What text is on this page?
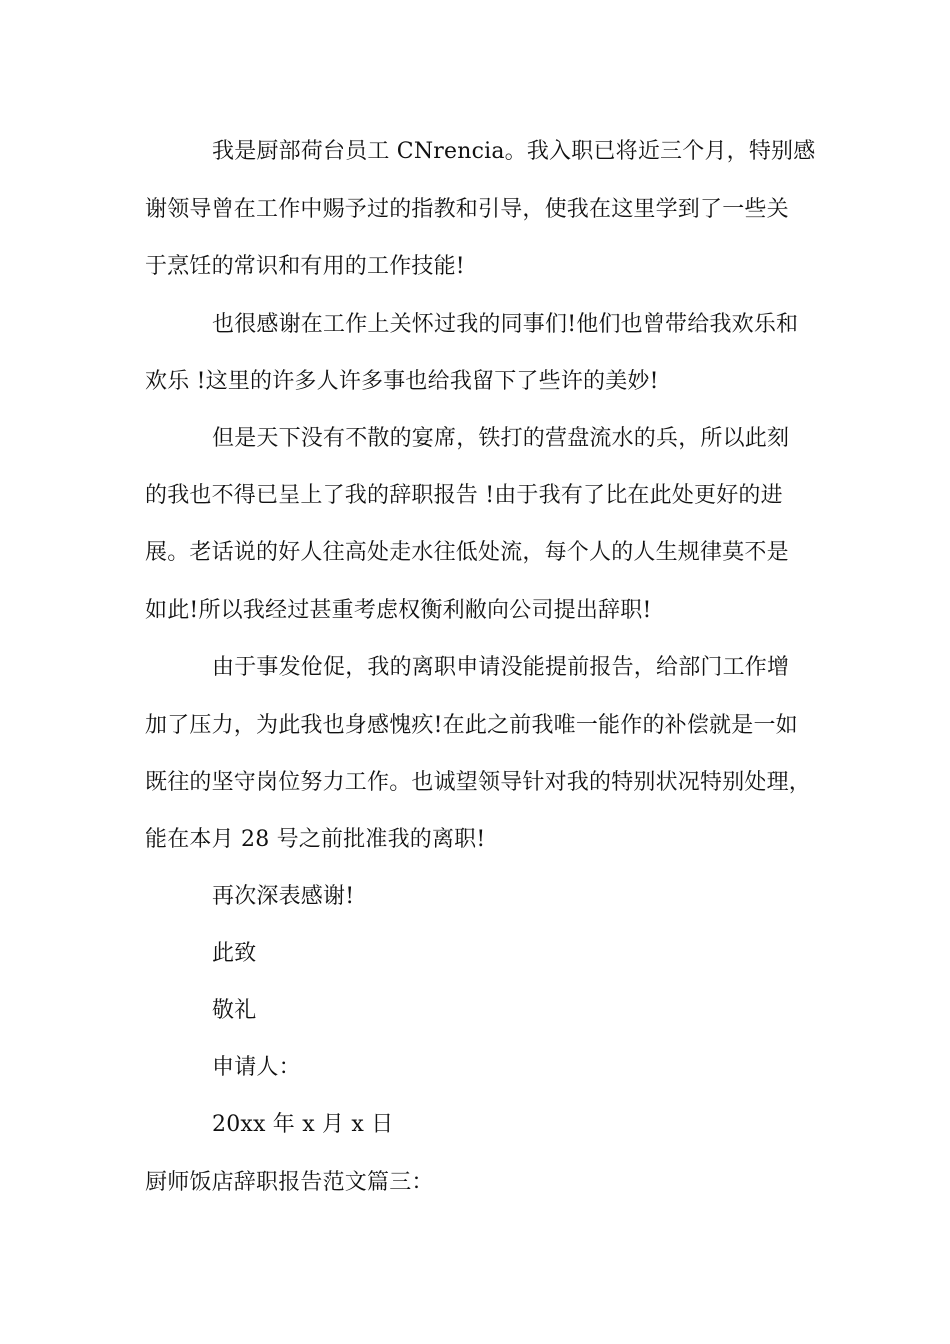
我是厨部荷台员工 CNrencia。我入职已将近三个月，特别感
谢领导曾在工作中赐予过的指教和引导，使我在这里学到了一些关
于烹饪的常识和有用的工作技能!
也很感谢在工作上关怀过我的同事们!他们也曾带给我欢乐和
欢乐 !这里的许多人许多事也给我留下了些许的美妙!
但是天下没有不散的宴席，铁打的营盘流水的兵，所以此刻
的我也不得已呈上了我的辞职报告 !由于我有了比在此处更好的进
展。老话说的好人往高处走水往低处流，每个人的人生规律莫不是
如此!所以我经过甚重考虑权衡利敝向公司提出辞职!
由于事发伧促，我的离职申请没能提前报告，给部门工作增
加了压力，为此我也身感愧疚!在此之前我唯一能作的补偿就是一如
既往的坚守岗位努力工作。也诚望领导针对我的特别状况特别处理，
能在本月 28 号之前批准我的离职!
再次深表感谢!
此致
敬礼
申请人：
20xx 年 x 月 x 日
厨师饭店辞职报告范文篇三：
